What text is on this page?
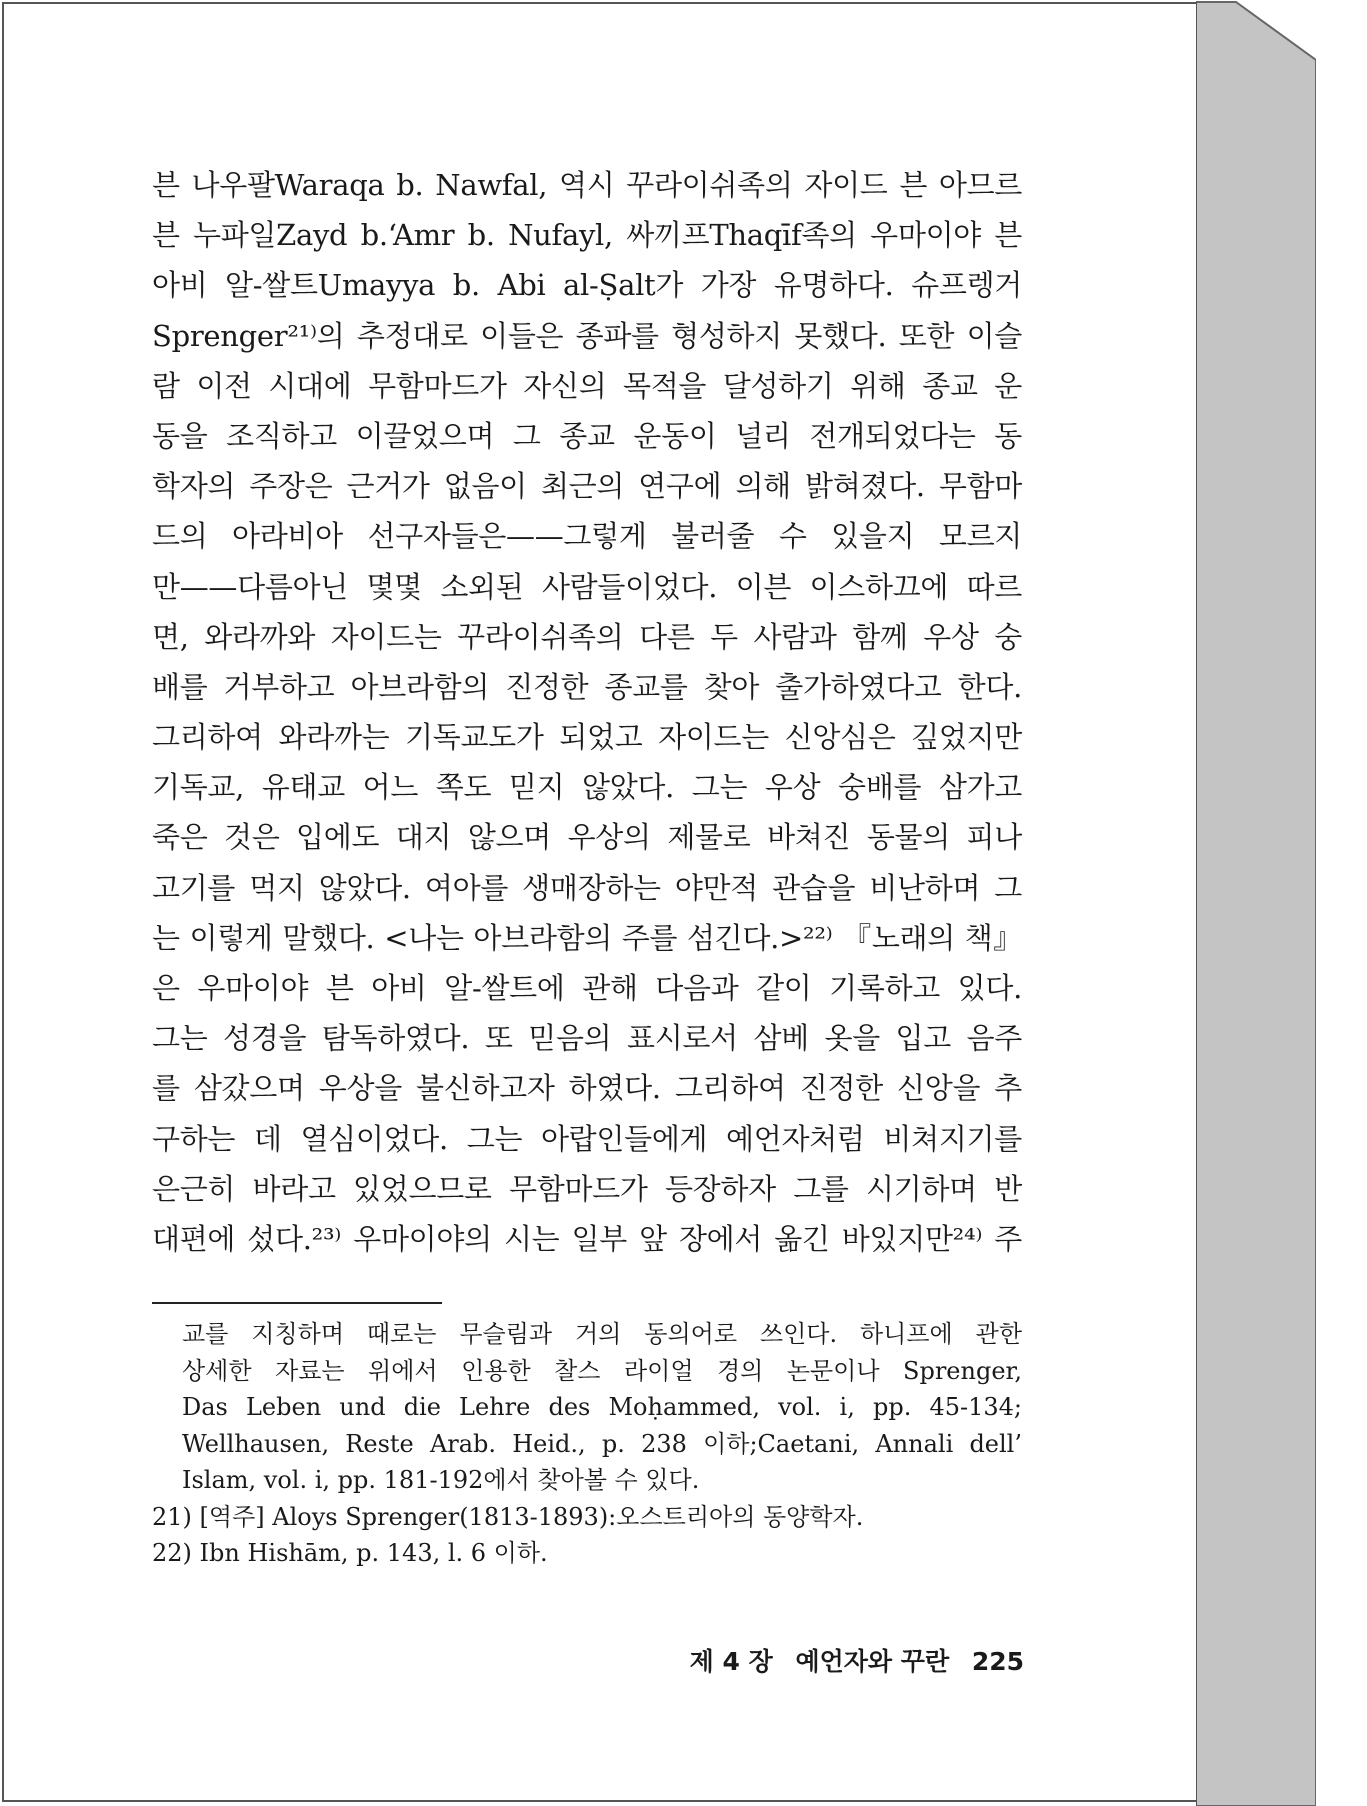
븐 나우팔Waraqa b. Nawfal, 역시 꾸라이쉬족의 자이드 븐 아므르
븐 누파일Zayd b.‘Amr b. Nufayl, 싸끼프Thaqīf족의 우마이야 븐
아비 알-쌀트Umayya b. Abi al-Ṣalt가 가장 유명하다. 슈프렝거
Sprenger²¹⁾의 추정대로 이들은 종파를 형성하지 못했다. 또한 이슬
람 이전 시대에 무함마드가 자신의 목적을 달성하기 위해 종교 운
동을 조직하고 이끌었으며 그 종교 운동이 널리 전개되었다는 동
학자의 주장은 근거가 없음이 최근의 연구에 의해 밝혀졌다. 무함마
드의 아라비아 선구자들은——그렇게 불러줄 수 있을지 모르지
만——다름아닌 몇몇 소외된 사람들이었다. 이븐 이스하끄에 따르
면, 와라까와 자이드는 꾸라이쉬족의 다른 두 사람과 함께 우상 숭
배를 거부하고 아브라함의 진정한 종교를 찾아 출가하였다고 한다.
그리하여 와라까는 기독교도가 되었고 자이드는 신앙심은 깊었지만
기독교, 유태교 어느 쪽도 믿지 않았다. 그는 우상 숭배를 삼가고
죽은 것은 입에도 대지 않으며 우상의 제물로 바쳐진 동물의 피나
고기를 먹지 않았다. 여아를 생매장하는 야만적 관습을 비난하며 그
는 이렇게 말했다. <나는 아브라함의 주를 섬긴다.>²²⁾ 『노래의 책』
은 우마이야 븐 아비 알-쌀트에 관해 다음과 같이 기록하고 있다.
그는 성경을 탐독하였다. 또 믿음의 표시로서 삼베 옷을 입고 음주
를 삼갔으며 우상을 불신하고자 하였다. 그리하여 진정한 신앙을 추
구하는 데 열심이었다. 그는 아랍인들에게 예언자처럼 비쳐지기를
은근히 바라고 있었으므로 무함마드가 등장하자 그를 시기하며 반
대편에 섰다.²³⁾ 우마이야의 시는 일부 앞 장에서 옮긴 바있지만²⁴⁾ 주
교를 지칭하며 때로는 무슬림과 거의 동의어로 쓰인다. 하니프에 관한
상세한 자료는 위에서 인용한 찰스 라이얼 경의 논문이나 Sprenger,
Das Leben und die Lehre des Moḥammed, vol. i, pp. 45-134;
Wellhausen, Reste Arab. Heid., p. 238 이하;Caetani, Annali dell’
Islam, vol. i, pp. 181-192에서 찾아볼 수 있다.
21) [역주] Aloys Sprenger(1813-1893):오스트리아의 동양학자.
22) Ibn Hishām, p. 143, l. 6 이하.
제 4 장 예언자와 꾸란 225
